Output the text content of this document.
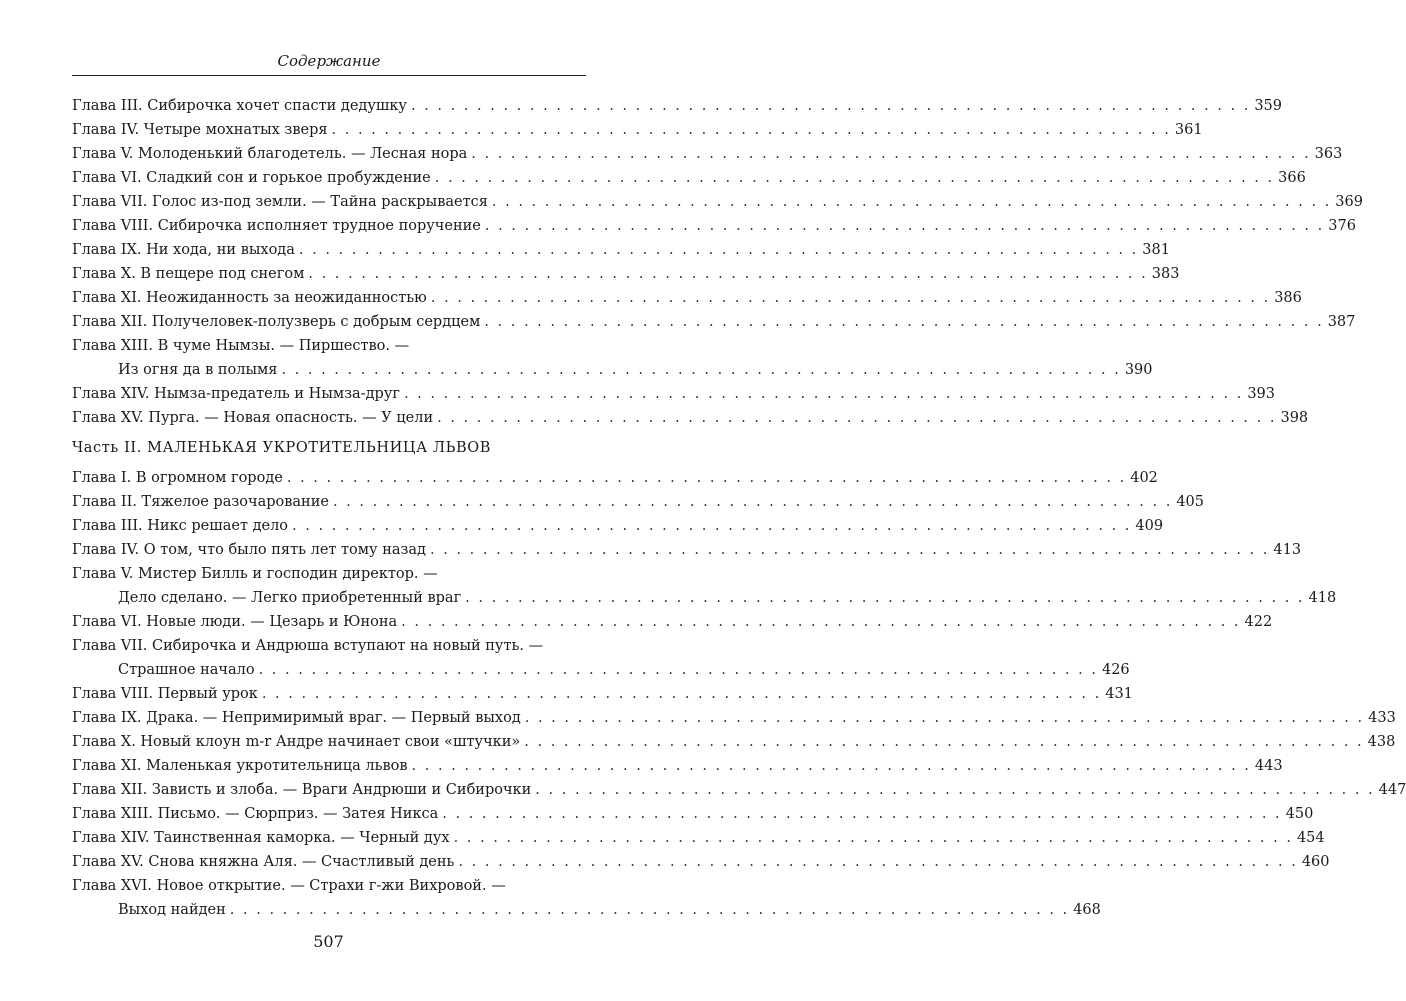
Содержание
Глава III. Сибирочка хочет спасти дедушку . . . . . . . . . . . . . . . . . . . . . . . . . . . . . . . . . . . . . . . . . . . . . . . . . . . . . . . . . . . . . . . . 359
Глава IV. Четыре мохнатых зверя . . . . . . . . . . . . . . . . . . . . . . . . . . . . . . . . . . . . . . . . . . . . . . . . . . . . . . . . . . . . . . . . 361
Глава V. Молоденький благодетель. — Лесная нора . . . . . . . . . . . . . . . . . . . . . . . . . . . . . . . . . . . . . . . . . . . . . . . . . . . . . . . . . . . . . . . . 363
Глава VI. Сладкий сон и горькое пробуждение . . . . . . . . . . . . . . . . . . . . . . . . . . . . . . . . . . . . . . . . . . . . . . . . . . . . . . . . . . . . . . . . 366
Глава VII. Голос из-под земли. — Тайна раскрывается . . . . . . . . . . . . . . . . . . . . . . . . . . . . . . . . . . . . . . . . . . . . . . . . . . . . . . . . . . . . . . . . 369
Глава VIII. Сибирочка исполняет трудное поручение . . . . . . . . . . . . . . . . . . . . . . . . . . . . . . . . . . . . . . . . . . . . . . . . . . . . . . . . . . . . . . . . 376
Глава IX. Ни хода, ни выхода . . . . . . . . . . . . . . . . . . . . . . . . . . . . . . . . . . . . . . . . . . . . . . . . . . . . . . . . . . . . . . . . 381
Глава X. В пещере под снегом . . . . . . . . . . . . . . . . . . . . . . . . . . . . . . . . . . . . . . . . . . . . . . . . . . . . . . . . . . . . . . . . 383
Глава XI. Неожиданность за неожиданностью . . . . . . . . . . . . . . . . . . . . . . . . . . . . . . . . . . . . . . . . . . . . . . . . . . . . . . . . . . . . . . . . 386
Глава XII. Получеловек-полузверь с добрым сердцем . . . . . . . . . . . . . . . . . . . . . . . . . . . . . . . . . . . . . . . . . . . . . . . . . . . . . . . . . . . . . . . . 387
Глава XIII. В чуме Нымзы. — Пиршество. —
Из огня да в полымя . . . . . . . . . . . . . . . . . . . . . . . . . . . . . . . . . . . . . . . . . . . . . . . . . . . . . . . . . . . . . . . . 390
Глава XIV. Нымза-предатель и Нымза-друг . . . . . . . . . . . . . . . . . . . . . . . . . . . . . . . . . . . . . . . . . . . . . . . . . . . . . . . . . . . . . . . . 393
Глава XV. Пурга. — Новая опасность. — У цели . . . . . . . . . . . . . . . . . . . . . . . . . . . . . . . . . . . . . . . . . . . . . . . . . . . . . . . . . . . . . . . . 398
Часть II. МАЛЕНЬКАЯ УКРОТИТЕЛЬНИЦА ЛЬВОВ
Глава I. В огромном городе . . . . . . . . . . . . . . . . . . . . . . . . . . . . . . . . . . . . . . . . . . . . . . . . . . . . . . . . . . . . . . . . 402
Глава II. Тяжелое разочарование . . . . . . . . . . . . . . . . . . . . . . . . . . . . . . . . . . . . . . . . . . . . . . . . . . . . . . . . . . . . . . . . 405
Глава III. Никс решает дело . . . . . . . . . . . . . . . . . . . . . . . . . . . . . . . . . . . . . . . . . . . . . . . . . . . . . . . . . . . . . . . . 409
Глава IV. О том, что было пять лет тому назад . . . . . . . . . . . . . . . . . . . . . . . . . . . . . . . . . . . . . . . . . . . . . . . . . . . . . . . . . . . . . . . . 413
Глава V. Мистер Билль и господин директор. —
Дело сделано. — Легко приобретенный враг . . . . . . . . . . . . . . . . . . . . . . . . . . . . . . . . . . . . . . . . . . . . . . . . . . . . . . . . . . . . . . . . 418
Глава VI. Новые люди. — Цезарь и Юнона . . . . . . . . . . . . . . . . . . . . . . . . . . . . . . . . . . . . . . . . . . . . . . . . . . . . . . . . . . . . . . . . 422
Глава VII. Сибирочка и Андрюша вступают на новый путь. —
Страшное начало . . . . . . . . . . . . . . . . . . . . . . . . . . . . . . . . . . . . . . . . . . . . . . . . . . . . . . . . . . . . . . . . 426
Глава VIII. Первый урок . . . . . . . . . . . . . . . . . . . . . . . . . . . . . . . . . . . . . . . . . . . . . . . . . . . . . . . . . . . . . . . . 431
Глава IX. Драка. — Непримиримый враг. — Первый выход . . . . . . . . . . . . . . . . . . . . . . . . . . . . . . . . . . . . . . . . . . . . . . . . . . . . . . . . . . . . . . . . 433
Глава X. Новый клоун m-r Андре начинает свои «штучки» . . . . . . . . . . . . . . . . . . . . . . . . . . . . . . . . . . . . . . . . . . . . . . . . . . . . . . . . . . . . . . . . 438
Глава XI. Маленькая укротительница львов . . . . . . . . . . . . . . . . . . . . . . . . . . . . . . . . . . . . . . . . . . . . . . . . . . . . . . . . . . . . . . . . 443
Глава XII. Зависть и злоба. — Враги Андрюши и Сибирочки . . . . . . . . . . . . . . . . . . . . . . . . . . . . . . . . . . . . . . . . . . . . . . . . . . . . . . . . . . . . . . . . 447
Глава XIII. Письмо. — Сюрприз. — Затея Никса . . . . . . . . . . . . . . . . . . . . . . . . . . . . . . . . . . . . . . . . . . . . . . . . . . . . . . . . . . . . . . . . 450
Глава XIV. Таинственная каморка. — Черный дух . . . . . . . . . . . . . . . . . . . . . . . . . . . . . . . . . . . . . . . . . . . . . . . . . . . . . . . . . . . . . . . . 454
Глава XV. Снова княжна Аля. — Счастливый день . . . . . . . . . . . . . . . . . . . . . . . . . . . . . . . . . . . . . . . . . . . . . . . . . . . . . . . . . . . . . . . . 460
Глава XVI. Новое открытие. — Страхи г-жи Вихровой. —
Выход найден . . . . . . . . . . . . . . . . . . . . . . . . . . . . . . . . . . . . . . . . . . . . . . . . . . . . . . . . . . . . . . . . 468
507
